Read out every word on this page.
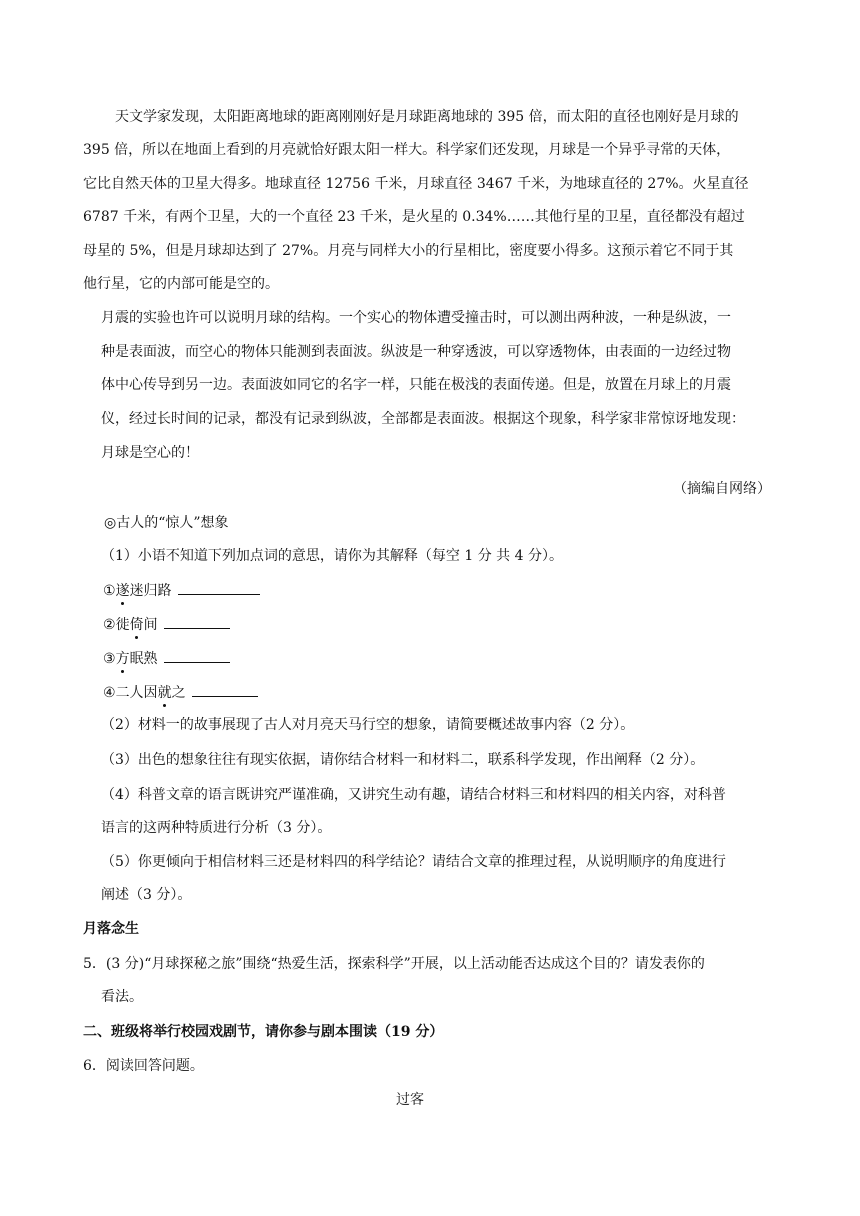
天文学家发现，太阳距离地球的距离刚刚好是月球距离地球的 395 倍，而太阳的直径也刚好是月球的
395 倍，所以在地面上看到的月亮就恰好跟太阳一样大。科学家们还发现，月球是一个异乎寻常的天体，
它比自然天体的卫星大得多。地球直径 12756 千米，月球直径 3467 千米，为地球直径的 27%。火星直径
6787 千米，有两个卫星，大的一个直径 23 千米，是火星的 0.34%……其他行星的卫星，直径都没有超过
母星的 5%，但是月球却达到了 27%。月亮与同样大小的行星相比，密度要小得多。这预示着它不同于其
他行星，它的内部可能是空的。
月震的实验也许可以说明月球的结构。一个实心的物体遭受撞击时，可以测出两种波，一种是纵波，一
种是表面波，而空心的物体只能测到表面波。纵波是一种穿透波，可以穿透物体，由表面的一边经过物
体中心传导到另一边。表面波如同它的名字一样，只能在极浅的表面传递。但是，放置在月球上的月震
仪，经过长时间的记录，都没有记录到纵波，全部都是表面波。根据这个现象，科学家非常惊讶地发现：
月球是空心的！
（摘编自网络）
◎古人的“惊人”想象
（1）小语不知道下列加点词的意思，请你为其解释（每空 1 分 共 4 分）。
①遂迷归路
②徙倚间
③方眠熟
④二人因就之
（2）材料一的故事展现了古人对月亮天马行空的想象，请简要概述故事内容（2 分）。
（3）出色的想象往往有现实依据，请你结合材料一和材料二，联系科学发现，作出阐释（2 分）。
（4）科普文章的语言既讲究严谨准确，又讲究生动有趣，请结合材料三和材料四的相关内容，对科普
语言的这两种特质进行分析（3 分）。
（5）你更倾向于相信材料三还是材料四的科学结论？请结合文章的推理过程，从说明顺序的角度进行
阐述（3 分）。
月落念生
5．(3 分)“月球探秘之旅”围绕“热爱生活，探索科学”开展，以上活动能否达成这个目的？请发表你的
看法。
二、班级将举行校园戏剧节，请你参与剧本围读（19 分）
6．阅读回答问题。
过客
